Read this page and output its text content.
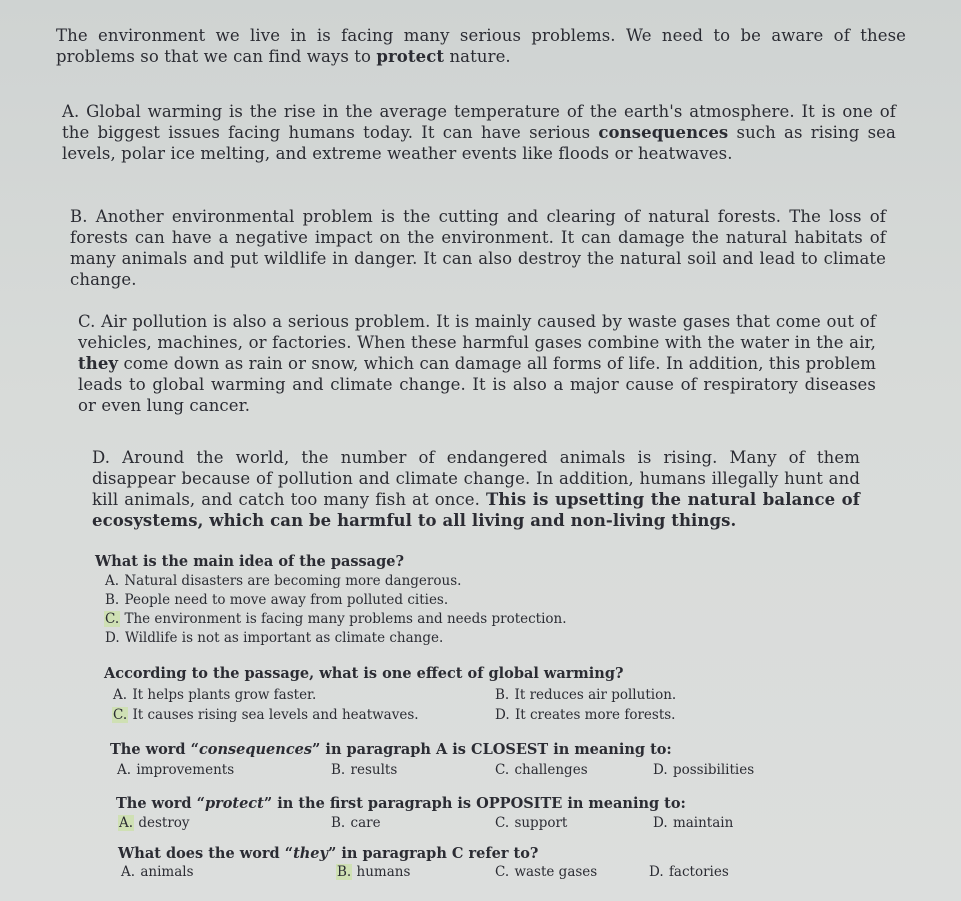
The environment we live in is facing many serious problems. We need to be aware of these problems so that we can find ways to protect nature.

A. Global warming is the rise in the average temperature of the earth's atmosphere. It is one of the biggest issues facing humans today. It can have serious consequences such as rising sea levels, polar ice melting, and extreme weather events like floods or heatwaves.

B. Another environmental problem is the cutting and clearing of natural forests. The loss of forests can have a negative impact on the environment. It can damage the natural habitats of many animals and put wildlife in danger. It can also destroy the natural soil and lead to climate change.

C. Air pollution is also a serious problem. It is mainly caused by waste gases that come out of vehicles, machines, or factories. When these harmful gases combine with the water in the air, they come down as rain or snow, which can damage all forms of life. In addition, this problem leads to global warming and climate change. It is also a major cause of respiratory diseases or even lung cancer.

D. Around the world, the number of endangered animals is rising. Many of them disappear because of pollution and climate change. In addition, humans illegally hunt and kill animals, and catch too many fish at once. This is upsetting the natural balance of ecosystems, which can be harmful to all living and non-living things.

What is the main idea of the passage?

A. Natural disasters are becoming more dangerous.

B. People need to move away from polluted cities.

C. The environment is facing many problems and needs protection.

D. Wildlife is not as important as climate change.

According to the passage, what is one effect of global warming?

A. It helps plants grow faster.	B. It reduces air pollution.

C. It causes rising sea levels and heatwaves.	D. It creates more forests.

The word “consequences” in paragraph A is CLOSEST in meaning to:

A. improvements	B. results	C. challenges	D. possibilities

The word “protect” in the first paragraph is OPPOSITE in meaning to:

A. destroy	B. care	C. support	D. maintain

What does the word “they” in paragraph C refer to?

A. animals	B. humans	C. waste gases	D. factories
